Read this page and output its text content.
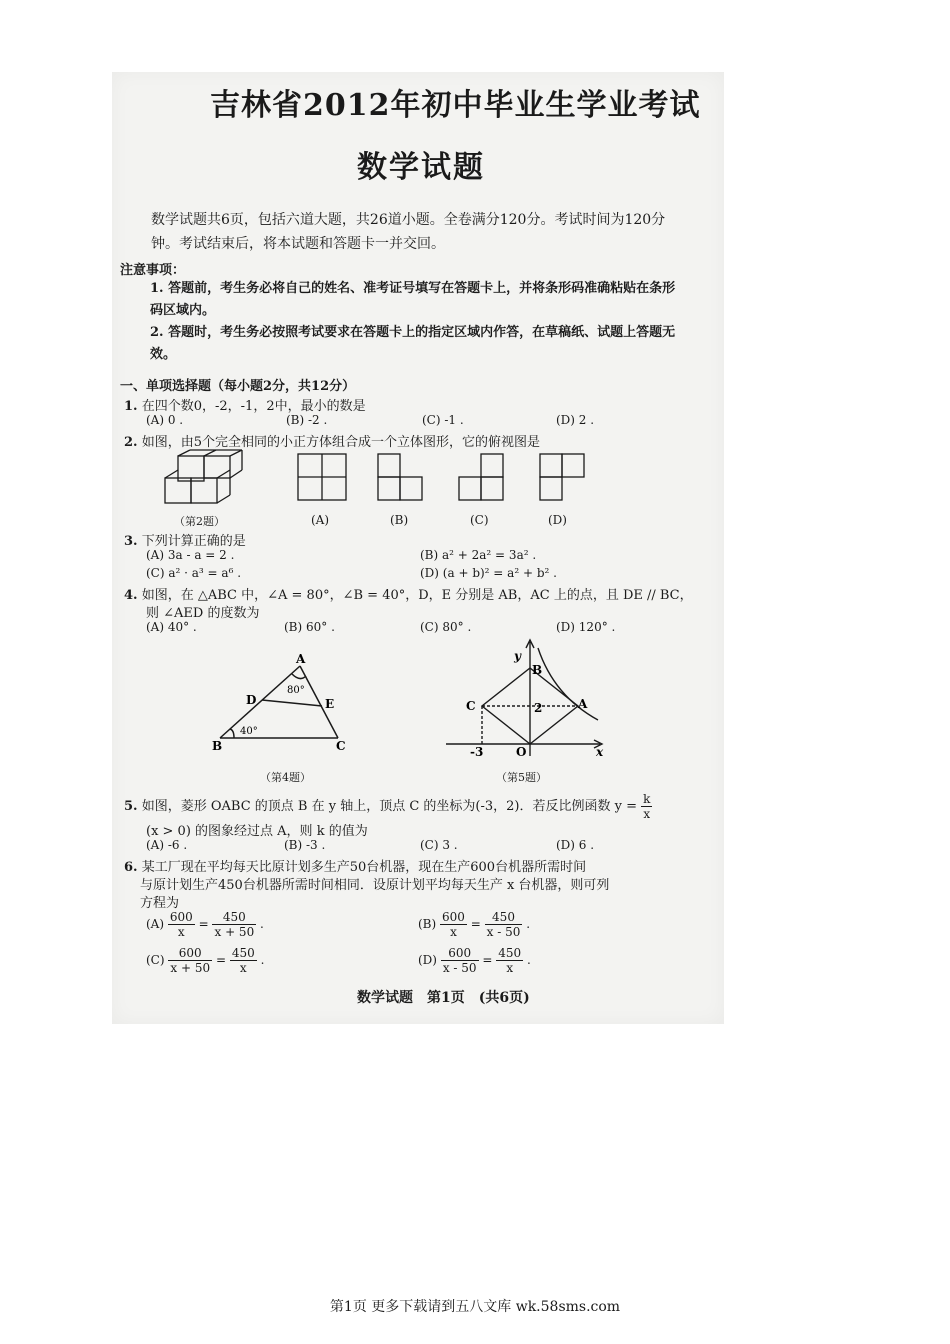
吉林省2012年初中毕业生学业考试
数学试题
数学试题共6页，包括六道大题，共26道小题。全卷满分120分。考试时间为120分钟。考试结束后，将本试题和答题卡一并交回。
注意事项：
1. 答题前，考生务必将自己的姓名、准考证号填写在答题卡上，并将条形码准确粘贴在条形码区域内。
2. 答题时，考生务必按照考试要求在答题卡上的指定区域内作答，在草稿纸、试题上答题无效。
一、单项选择题（每小题2分，共12分）
1. 在四个数0，-2，-1，2中，最小的数是
(A) 0 .	(B) -2 .	(C) -1 .	(D) 2 .
2. 如图，由5个完全相同的小正方体组合成一个立体图形，它的俯视图是
（第2题）	(A)	(B)	(C)	(D)
3. 下列计算正确的是
(A) 3a - a = 2 .	(B) a² + 2a² = 3a² .
(C) a² · a³ = a⁶ .	(D) (a + b)² = a² + b² .
4. 如图，在 △ABC 中，∠A = 80°，∠B = 40°，D，E 分别是 AB，AC 上的点，且 DE // BC，
则 ∠AED 的度数为
(A) 40° .	(B) 60° .	(C) 80° .	(D) 120° .
A
B	C
D	E
80°
40°
（第4题）
y
x
B
C	A
O
2
-3
（第5题）
5. 如图，菱形 OABC 的顶点 B 在 y 轴上，顶点 C 的坐标为(-3，2)．若反比例函数 $y = \frac{k}{x}$
(x > 0) 的图象经过点 A，则 k 的值为
(A) -6 .	(B) -3 .	(C) 3 .	(D) 6 .
6. 某工厂现在平均每天比原计划多生产50台机器，现在生产600台机器所需时间
与原计划生产450台机器所需时间相同．设原计划平均每天生产 x 台机器，则可列
方程为
$(A) \frac{600}{x} = \frac{450}{x + 50}$ .	$(B) \frac{600}{x} = \frac{450}{x - 50}$ .
$(C) \frac{600}{x + 50} = \frac{450}{x}$ .	$(D) \frac{600}{x - 50} = \frac{450}{x}$ .
数学试题　第1页　(共6页)
第1页 更多下载请到五八文库 wk.58sms.com
